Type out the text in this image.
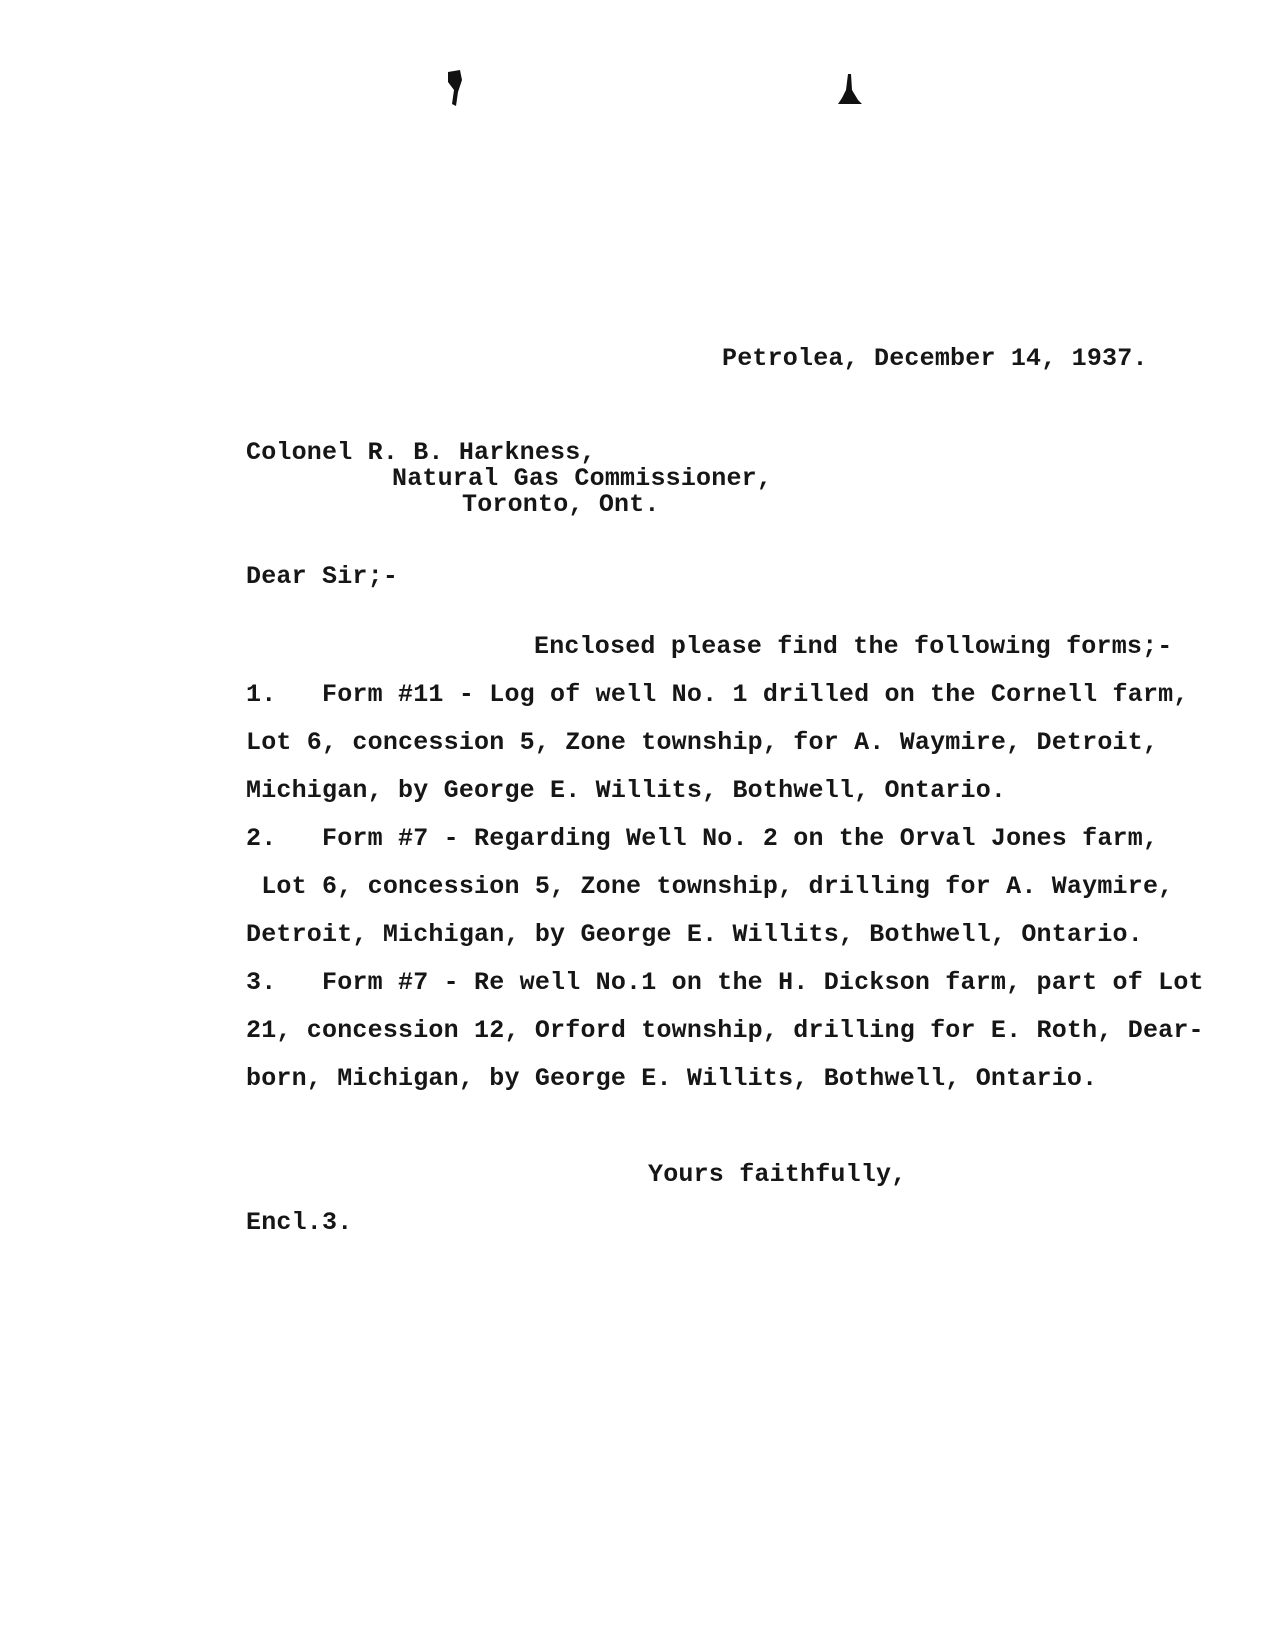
Petrolea, December 14, 1937.
Colonel R. B. Harkness,
Natural Gas Commissioner,
Toronto, Ont.
Dear Sir;-
Enclosed please find the following forms;-
1.   Form #11 - Log of well No. 1 drilled on the Cornell farm,
Lot 6, concession 5, Zone township, for A. Waymire, Detroit,
Michigan, by George E. Willits, Bothwell, Ontario.
2.   Form #7 - Regarding Well No. 2 on the Orval Jones farm,
Lot 6, concession 5, Zone township, drilling for A. Waymire,
Detroit, Michigan, by George E. Willits, Bothwell, Ontario.
3.   Form #7 - Re well No.1 on the H. Dickson farm, part of Lot
21, concession 12, Orford township, drilling for E. Roth, Dear-
born, Michigan, by George E. Willits, Bothwell, Ontario.
Yours faithfully,
Encl.3.
